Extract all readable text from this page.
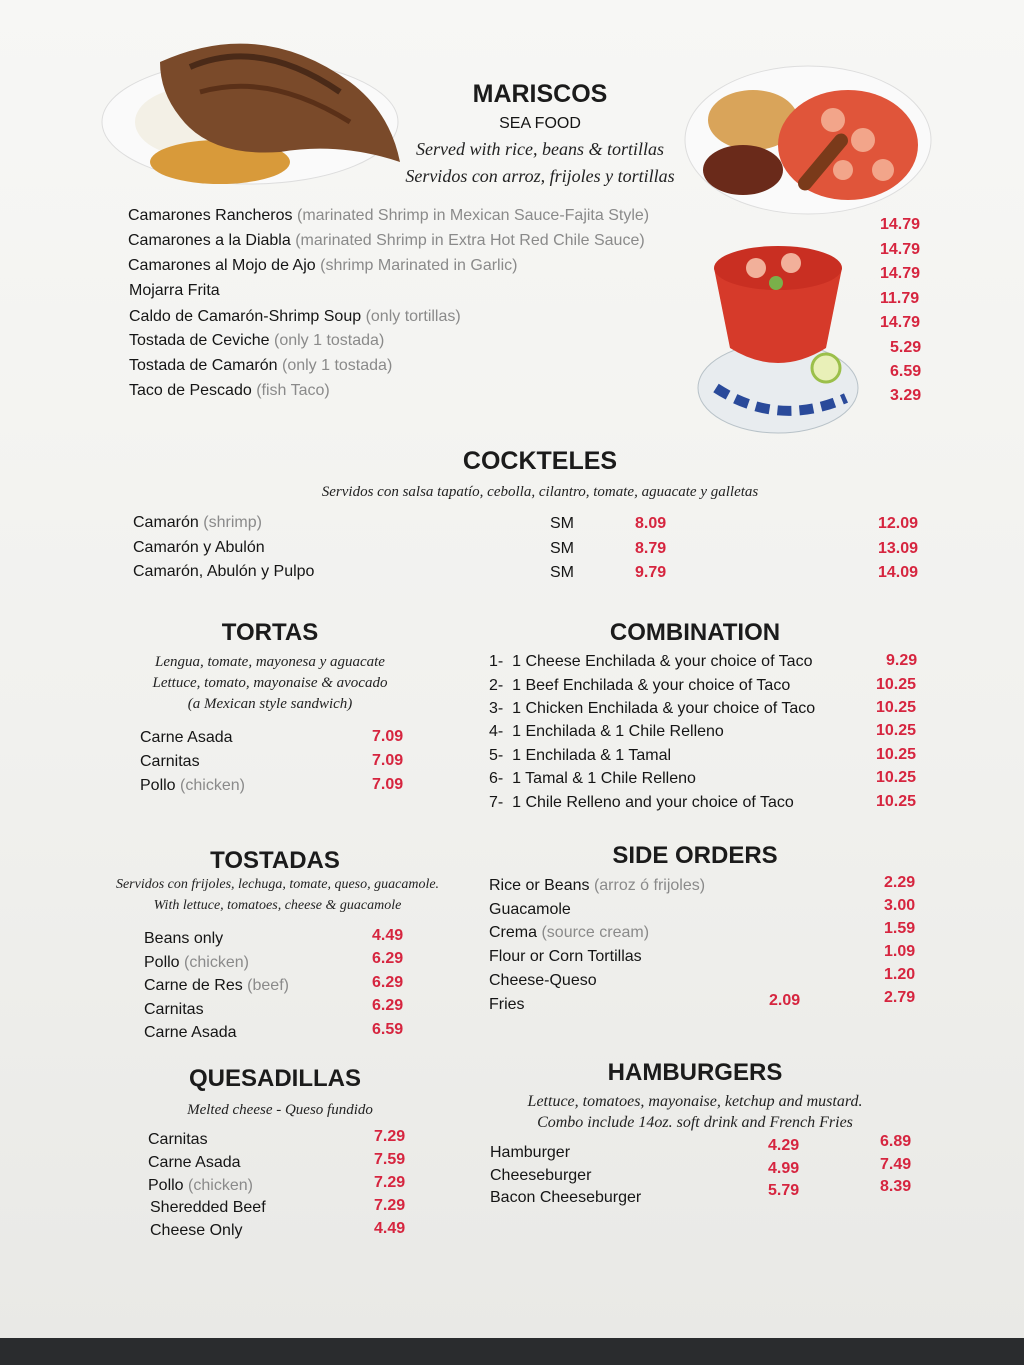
MARISCOS
SEA FOOD
Served with rice, beans & tortillas
Servidos con arroz, frijoles y tortillas
Camarones Rancheros (marinated Shrimp in Mexican Sauce-Fajita Style)
Camarones a la Diabla (marinated Shrimp in Extra Hot Red Chile Sauce)
Camarones al Mojo de Ajo (shrimp Marinated in Garlic)
Mojarra Frita
Caldo de Camarón-Shrimp Soup (only tortillas)
Tostada de Ceviche (only 1 tostada)
Tostada de Camarón (only 1 tostada)
Taco de Pescado (fish Taco)
14.79
14.79
14.79
11.79
14.79
5.29
6.59
3.29
COCKTELES
Servidos con salsa tapatío, cebolla, cilantro, tomate, aguacate y galletas
Camarón (shrimp)
Camarón y Abulón
Camarón, Abulón y Pulpo
SM
SM
SM
8.09
8.79
9.79
12.09
13.09
14.09
TORTAS
Lengua, tomate, mayonesa y aguacate
Lettuce, tomato, mayonaise & avocado
(a Mexican style sandwich)
Carne Asada
Carnitas
Pollo (chicken)
7.09
7.09
7.09
COMBINATION
1- 1 Cheese Enchilada & your choice of Taco
2- 1 Beef Enchilada & your choice of Taco
3- 1 Chicken Enchilada & your choice of Taco
4- 1 Enchilada & 1 Chile Relleno
5- 1 Enchilada & 1 Tamal
6- 1 Tamal & 1 Chile Relleno
7- 1 Chile Relleno and your choice of Taco
9.29
10.25
10.25
10.25
10.25
10.25
10.25
TOSTADAS
Servidos con frijoles, lechuga, tomate, queso, guacamole.
With lettuce, tomatoes, cheese & guacamole
Beans only
Pollo (chicken)
Carne de Res (beef)
Carnitas
Carne Asada
4.49
6.29
6.29
6.29
6.59
SIDE ORDERS
Rice or Beans (arroz ó frijoles)
Guacamole
Crema (source cream)
Flour or Corn Tortillas
Cheese-Queso
Fries
2.29
3.00
1.59
1.09
1.20
2.09	2.79
QUESADILLAS
Melted cheese - Queso fundido
Carnitas
Carne Asada
Pollo (chicken)
Sheredded Beef
Cheese Only
7.29
7.59
7.29
7.29
4.49
HAMBURGERS
Lettuce, tomatoes, mayonaise, ketchup and mustard.
Combo include 14oz. soft drink and French Fries
Hamburger
Cheeseburger
Bacon Cheeseburger
4.29
4.99
5.79
6.89
7.49
8.39
